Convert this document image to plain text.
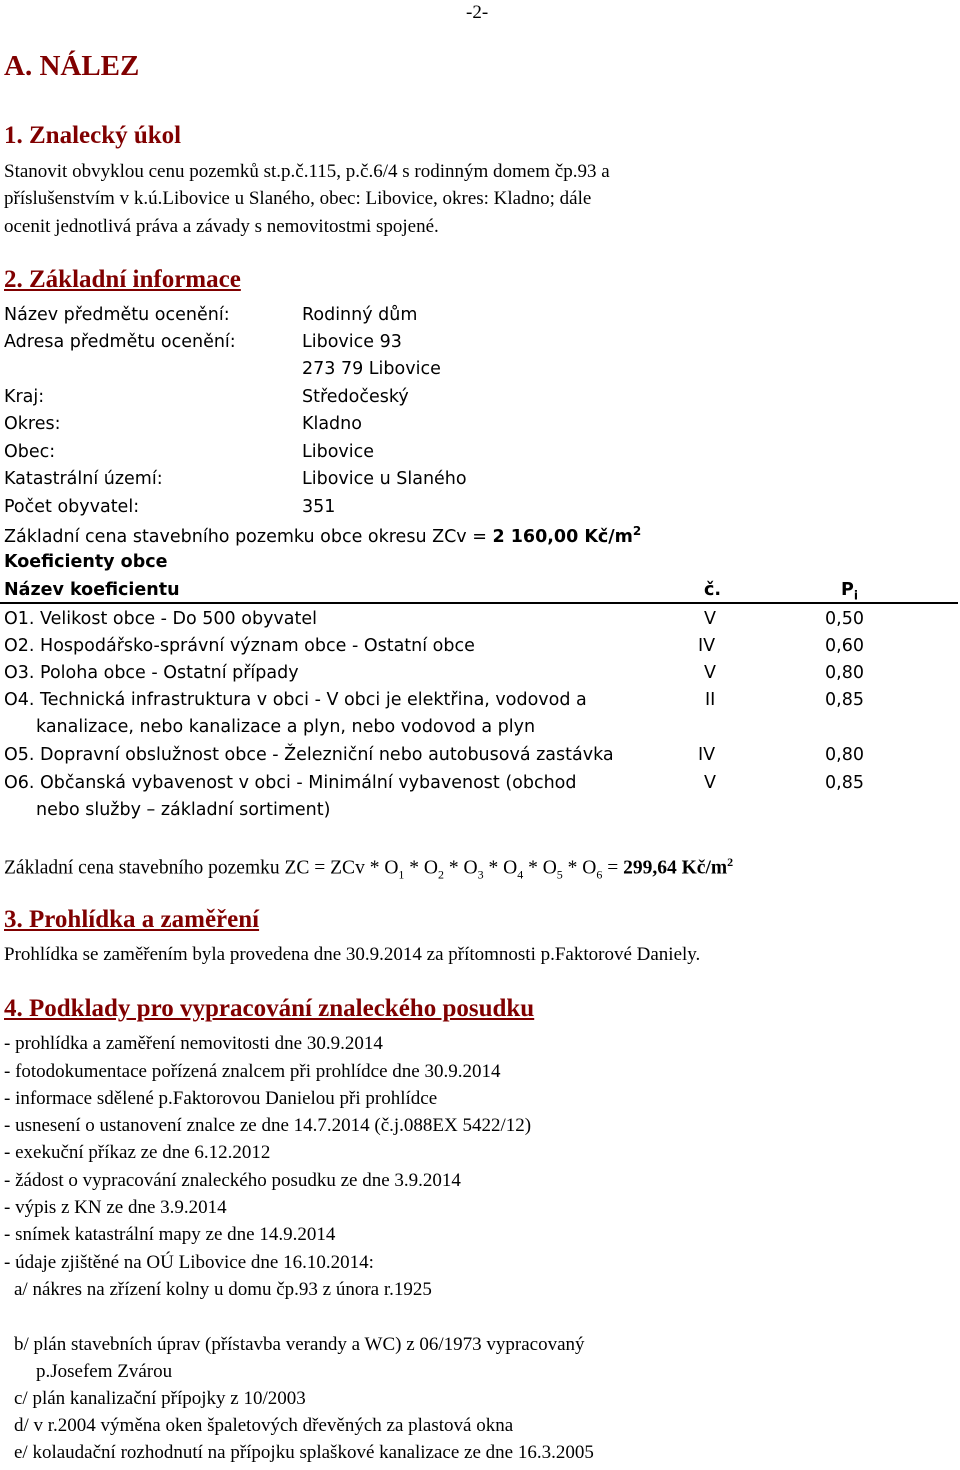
-2-
A. NÁLEZ
1. Znalecký úkol
Stanovit obvyklou cenu pozemků st.p.č.115, p.č.6/4 s rodinným domem čp.93 a
příslušenstvím v k.ú.Libovice u Slaného, obec: Libovice, okres: Kladno; dále
ocenit jednotlivá práva a závady s nemovitostmi spojené.
2. Základní informace
Název předmětu ocenění:	Rodinný dům
Adresa předmětu ocenění:	Libovice 93
273 79 Libovice
Kraj:	Středočeský
Okres:	Kladno
Obec:	Libovice
Katastrální území:	Libovice u Slaného
Počet obyvatel:	351
Základní cena stavebního pozemku obce okresu ZCv = 2 160,00 $Kč/m^2$
Koeficienty obce
Název koeficientu	č.	$P_i$
O1. Velikost obce - Do 500 obyvatel	V	0,50
O2. Hospodářsko-správní význam obce - Ostatní obce	IV	0,60
O3. Poloha obce - Ostatní případy	V	0,80
O4. Technická infrastruktura v obci - V obci je elektřina, vodovod a
kanalizace, nebo kanalizace a plyn, nebo vodovod a plyn
II	0,85
O5. Dopravní obslužnost obce - Železniční nebo autobusová zastávka	IV	0,80
O6. Občanská vybavenost v obci - Minimální vybavenost (obchod
nebo služby – základní sortiment)
V	0,85
Základní cena stavebního pozemku ZC = ZCv * $O_1 * O_2 * O_3 * O_4 * O_5 * O_6 = 299,64$ $Kč/m^2$
3. Prohlídka a zaměření
Prohlídka se zaměřením byla provedena dne 30.9.2014 za přítomnosti p.Faktorové Daniely.
4. Podklady pro vypracování znaleckého posudku
- prohlídka a zaměření nemovitosti dne 30.9.2014
- fotodokumentace pořízená znalcem při prohlídce dne 30.9.2014
- informace sdělené p.Faktorovou Danielou při prohlídce
- usnesení o ustanovení znalce ze dne 14.7.2014 (č.j.088EX 5422/12)
- exekuční příkaz ze dne 6.12.2012
- žádost o vypracování znaleckého posudku ze dne 3.9.2014
- výpis z KN ze dne 3.9.2014
- snímek katastrální mapy ze dne 14.9.2014
- údaje zjištěné na OÚ Libovice dne 16.10.2014:
a/ nákres na zřízení kolny u domu čp.93 z února r.1925
b/ plán stavebních úprav (přístavba verandy a WC) z 06/1973 vypracovaný
p.Josefem Zvárou
c/ plán kanalizační přípojky z 10/2003
d/ v r.2004 výměna oken špaletových dřevěných za plastová okna
e/ kolaudační rozhodnutí na přípojku splaškové kanalizace ze dne 16.3.2005
